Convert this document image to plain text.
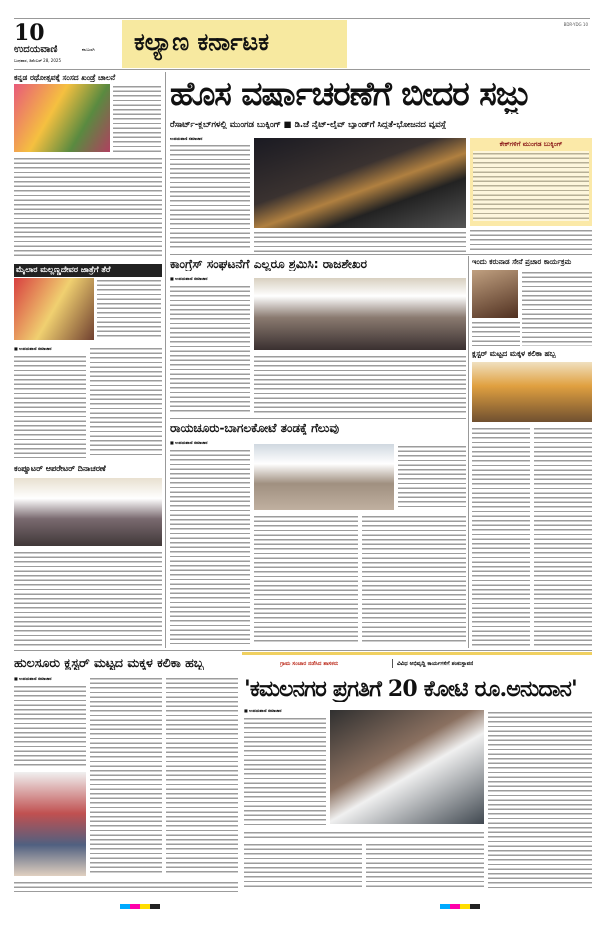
10
ಉದಯವಾಣಿ	ಕಲಬುರಗಿ
ಬುಧವಾರ, ಡಿಸೆಂಬರ್ 28, 2025
ಕಲ್ಯಾಣ ಕರ್ನಾಟಕ
BDR-YDG 10
ಕನ್ನಡ ರಥೋತ್ಸವಕ್ಕೆ ಸಂಸದ ಖಂಡ್ರೆ ಚಾಲನೆ
ಮೈಲಾರ ಮಲ್ಲಣ್ಣದೇವರ ಜಾತ್ರೆಗೆ ತೆರೆ
■ ಉದಯವಾಣಿ ಸಮಾಚಾರ
ಕಂಪ್ಯೂಟರ್ ಆಪರೇಟರ್ ದಿನಾಚರಣೆ
ಹೊಸ ವರ್ಷಾಚರಣೆಗೆ ಬೀದರ ಸಜ್ಜು
ರೆಸಾರ್ಟ್-ಕ್ಲಬ್‌ಗಳಲ್ಲಿ ಮುಂಗಡ ಬುಕ್ಕಿಂಗ್ ■ ಡಿ.ಜೆ ನೈಟ್-ಲೈವ್ ಬ್ಯಾಂಡ್‌ಗೆ ಸಿದ್ಧತೆ-ಭೋಜನದ ವ್ಯವಸ್ಥೆ
ಉದಯವಾಣಿ ಸಮಾಚಾರ
ಕೇಕ್‌ಗಳಿಗೆ ಮುಂಗಡ ಬುಕ್ಕಿಂಗ್
ಕಾಂಗ್ರೆಸ್ ಸಂಘಟನೆಗೆ ಎಲ್ಲರೂ ಶ್ರಮಿಸಿ: ರಾಜಶೇಖರ
■ ಉದಯವಾಣಿ ಸಮಾಚಾರ
ಇಂದು ಕರುನಾಡ ಸೇನೆ ಪ್ರಚಾರ ಕಾರ್ಯಕ್ರಮ
ಕ್ಲಸ್ಟರ್ ಮಟ್ಟದ ಮಕ್ಕಳ ಕಲಿಕಾ ಹಬ್ಬ
ರಾಯಚೂರು-ಬಾಗಲಕೋಟೆ ತಂಡಕ್ಕೆ ಗೆಲುವು
■ ಉದಯವಾಣಿ ಸಮಾಚಾರ
ಹುಲಸೂರು ಕ್ಲಸ್ಟರ್ ಮಟ್ಟದ ಮಕ್ಕಳ ಕಲಿಕಾ ಹಬ್ಬ
■ ಉದಯವಾಣಿ ಸಮಾಚಾರ
ಗ್ರಾಮ ಸಂಚಾರ ನಡೆಸಿದ ಶಾಸಕರು	ವಿವಿಧ ಅಭಿವೃದ್ಧಿ ಕಾರ್ಯಗಳಿಗೆ ಶಂಕುಸ್ಥಾಪನೆ
'ಕಮಲನಗರ ಪ್ರಗತಿಗೆ 20 ಕೋಟಿ ರೂ.ಅನುದಾನ'
■ ಉದಯವಾಣಿ ಸಮಾಚಾರ
